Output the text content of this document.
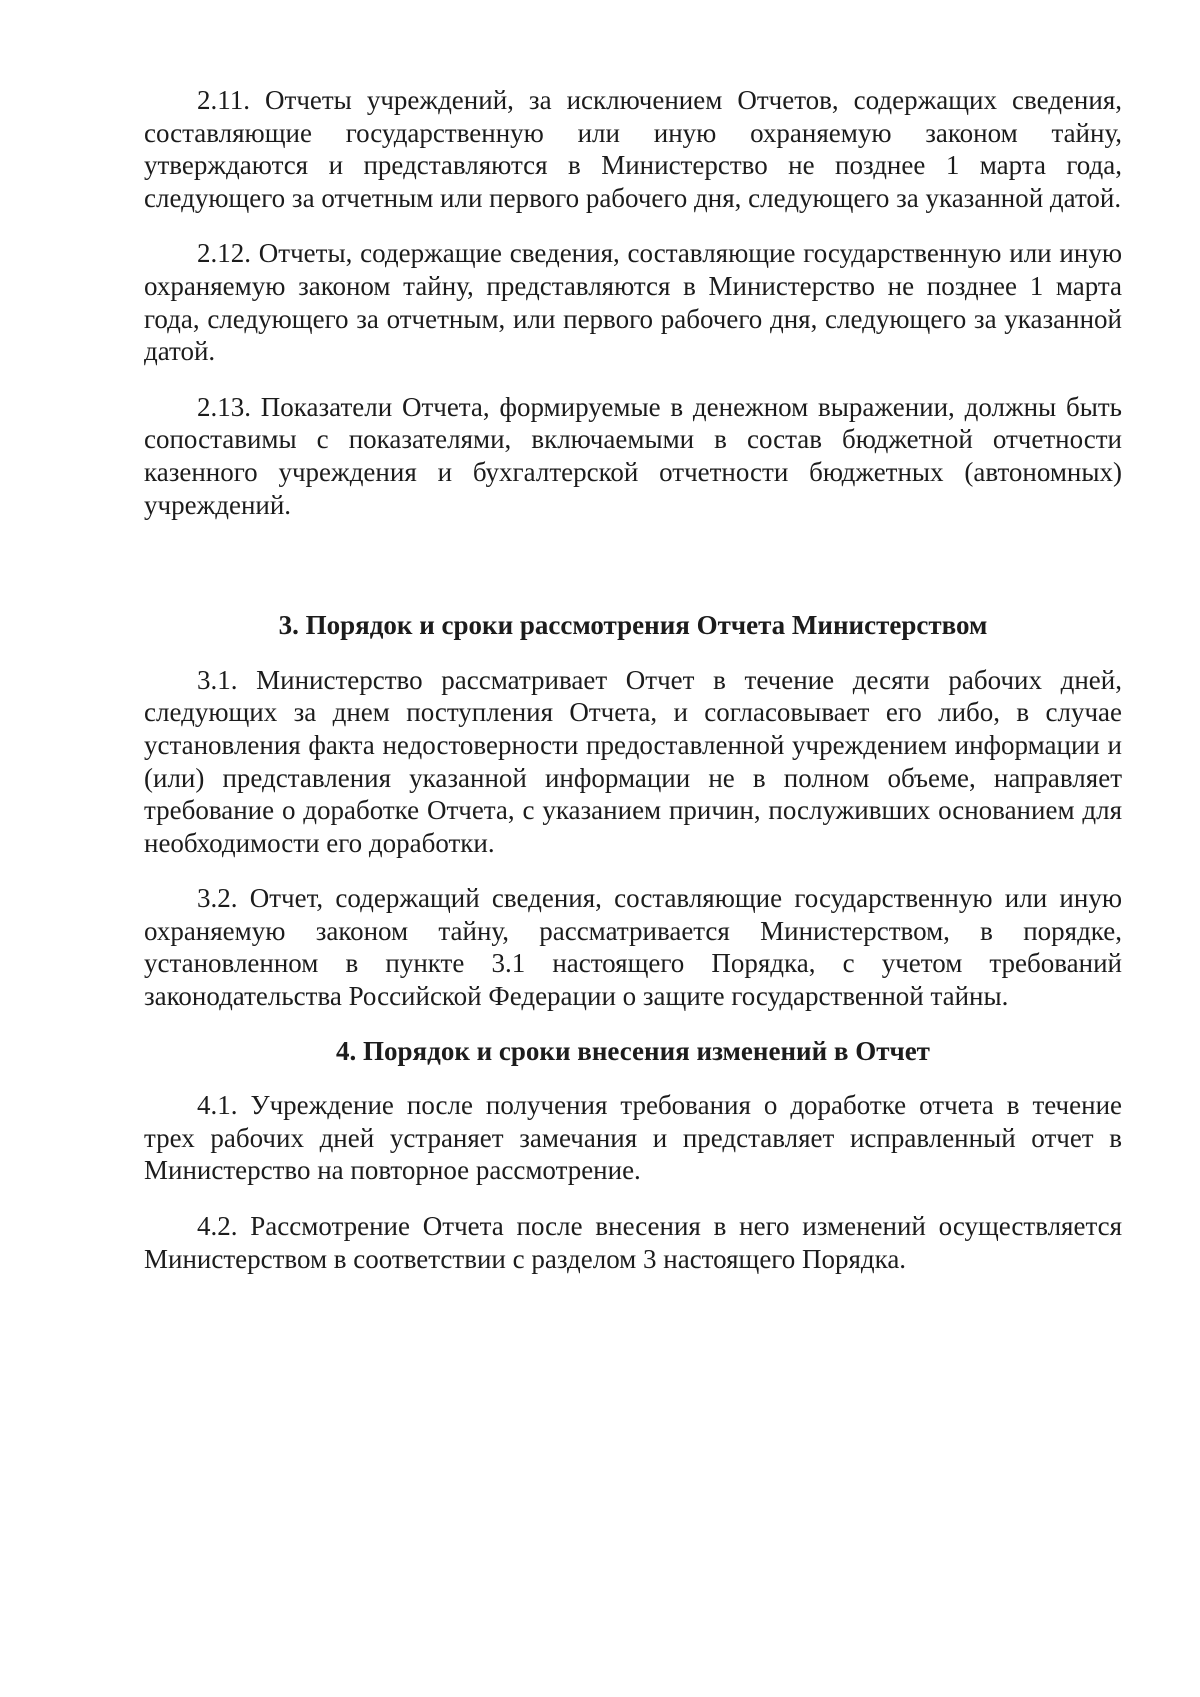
2.11. Отчеты учреждений, за исключением Отчетов, содержащих сведения, составляющие государственную или иную охраняемую законом тайну, утверждаются и представляются в Министерство не позднее 1 марта года, следующего за отчетным или первого рабочего дня, следующего за указанной датой.

2.12. Отчеты, содержащие сведения, составляющие государственную или иную охраняемую законом тайну, представляются в Министерство не позднее 1 марта года, следующего за отчетным, или первого рабочего дня, следующего за указанной датой.

2.13. Показатели Отчета, формируемые в денежном выражении, должны быть сопоставимы с показателями, включаемыми в состав бюджетной отчетности казенного учреждения и бухгалтерской отчетности бюджетных (автономных) учреждений.

3. Порядок и сроки рассмотрения Отчета Министерством

3.1. Министерство рассматривает Отчет в течение десяти рабочих дней, следующих за днем поступления Отчета, и согласовывает его либо, в случае установления факта недостоверности предоставленной учреждением информации и (или) представления указанной информации не в полном объеме, направляет требование о доработке Отчета, с указанием причин, послуживших основанием для необходимости его доработки.

3.2. Отчет, содержащий сведения, составляющие государственную или иную охраняемую законом тайну, рассматривается Министерством, в порядке, установленном в пункте 3.1 настоящего Порядка, с учетом требований законодательства Российской Федерации о защите государственной тайны.

4. Порядок и сроки внесения изменений в Отчет

4.1. Учреждение после получения требования о доработке отчета в течение трех рабочих дней устраняет замечания и представляет исправленный отчет в Министерство на повторное рассмотрение.

4.2. Рассмотрение Отчета после внесения в него изменений осуществляется Министерством в соответствии с разделом 3 настоящего Порядка.
